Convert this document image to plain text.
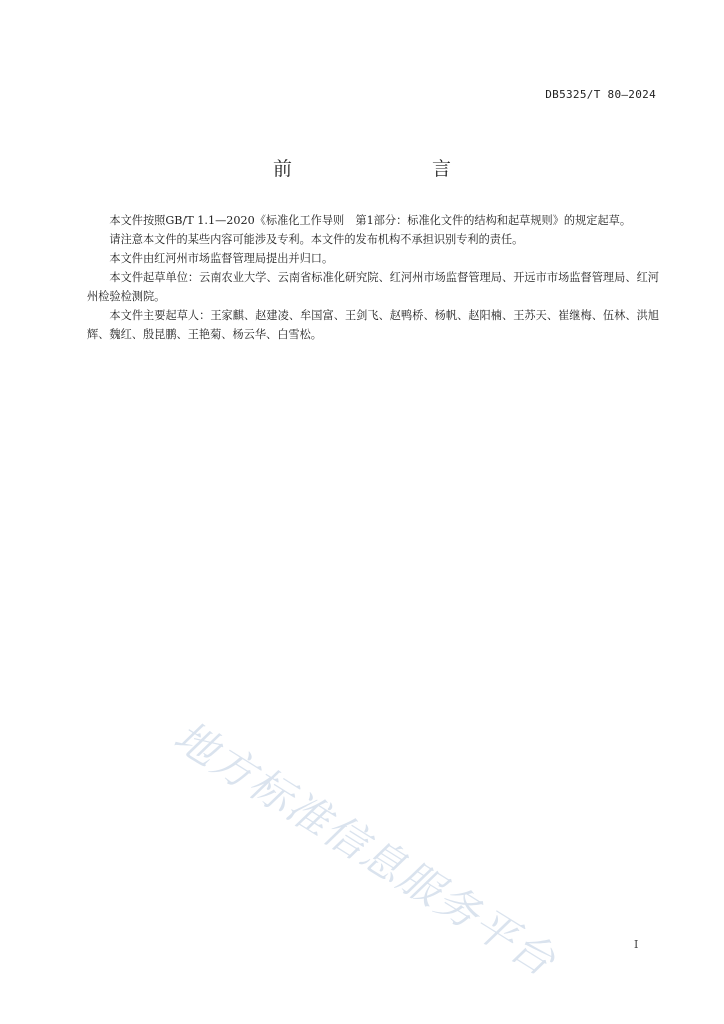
DB5325/T 80—2024
前　　言

本文件按照GB/T 1.1—2020《标准化工作导则　第1部分：标准化文件的结构和起草规则》的规定起草。

请注意本文件的某些内容可能涉及专利。本文件的发布机构不承担识别专利的责任。

本文件由红河州市场监督管理局提出并归口。

本文件起草单位：云南农业大学、云南省标准化研究院、红河州市场监督管理局、开远市市场监督管理局、红河州检验检测院。

本文件主要起草人：王家麒、赵建凌、牟国富、王剑飞、赵鸭桥、杨帆、赵阳楠、王苏天、崔继梅、伍林、洪旭辉、魏红、殷昆鹏、王艳菊、杨云华、白雪松。

地方标准信息服务平台	I
